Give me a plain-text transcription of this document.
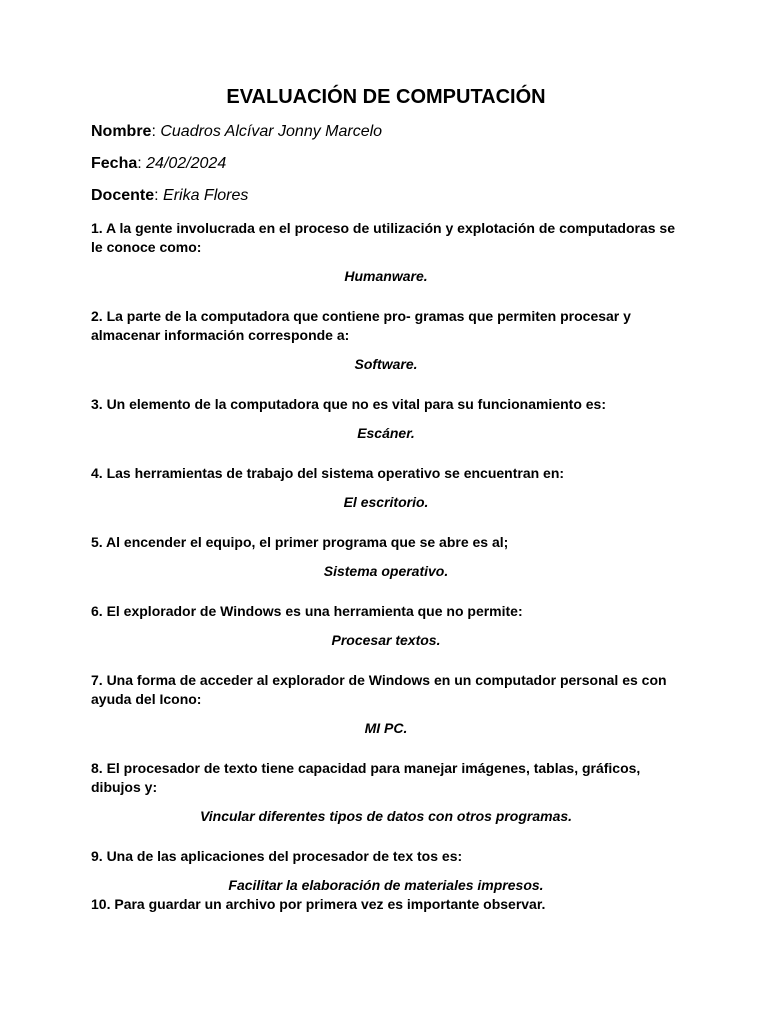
EVALUACIÓN DE COMPUTACIÓN
Nombre: Cuadros Alcívar Jonny Marcelo
Fecha: 24/02/2024
Docente: Erika Flores

1. A la gente involucrada en el proceso de utilización y explotación de computadoras se le conoce como:

Humanware.

2. La parte de la computadora que contiene pro- gramas que permiten procesar y almacenar información corresponde a:

Software.

3. Un elemento de la computadora que no es vital para su funcionamiento es:

Escáner.

4. Las herramientas de trabajo del sistema operativo se encuentran en:

El escritorio.

5. Al encender el equipo, el primer programa que se abre es al;

Sistema operativo.

6. El explorador de Windows es una herramienta que no permite:

Procesar textos.

7. Una forma de acceder al explorador de Windows en un computador personal es con ayuda del Icono:

MI PC.

8. El procesador de texto tiene capacidad para manejar imágenes, tablas, gráficos, dibujos y:

Vincular diferentes tipos de datos con otros programas.

9. Una de las aplicaciones del procesador de tex tos es:

Facilitar la elaboración de materiales impresos.

10. Para guardar un archivo por primera vez es importante observar.
